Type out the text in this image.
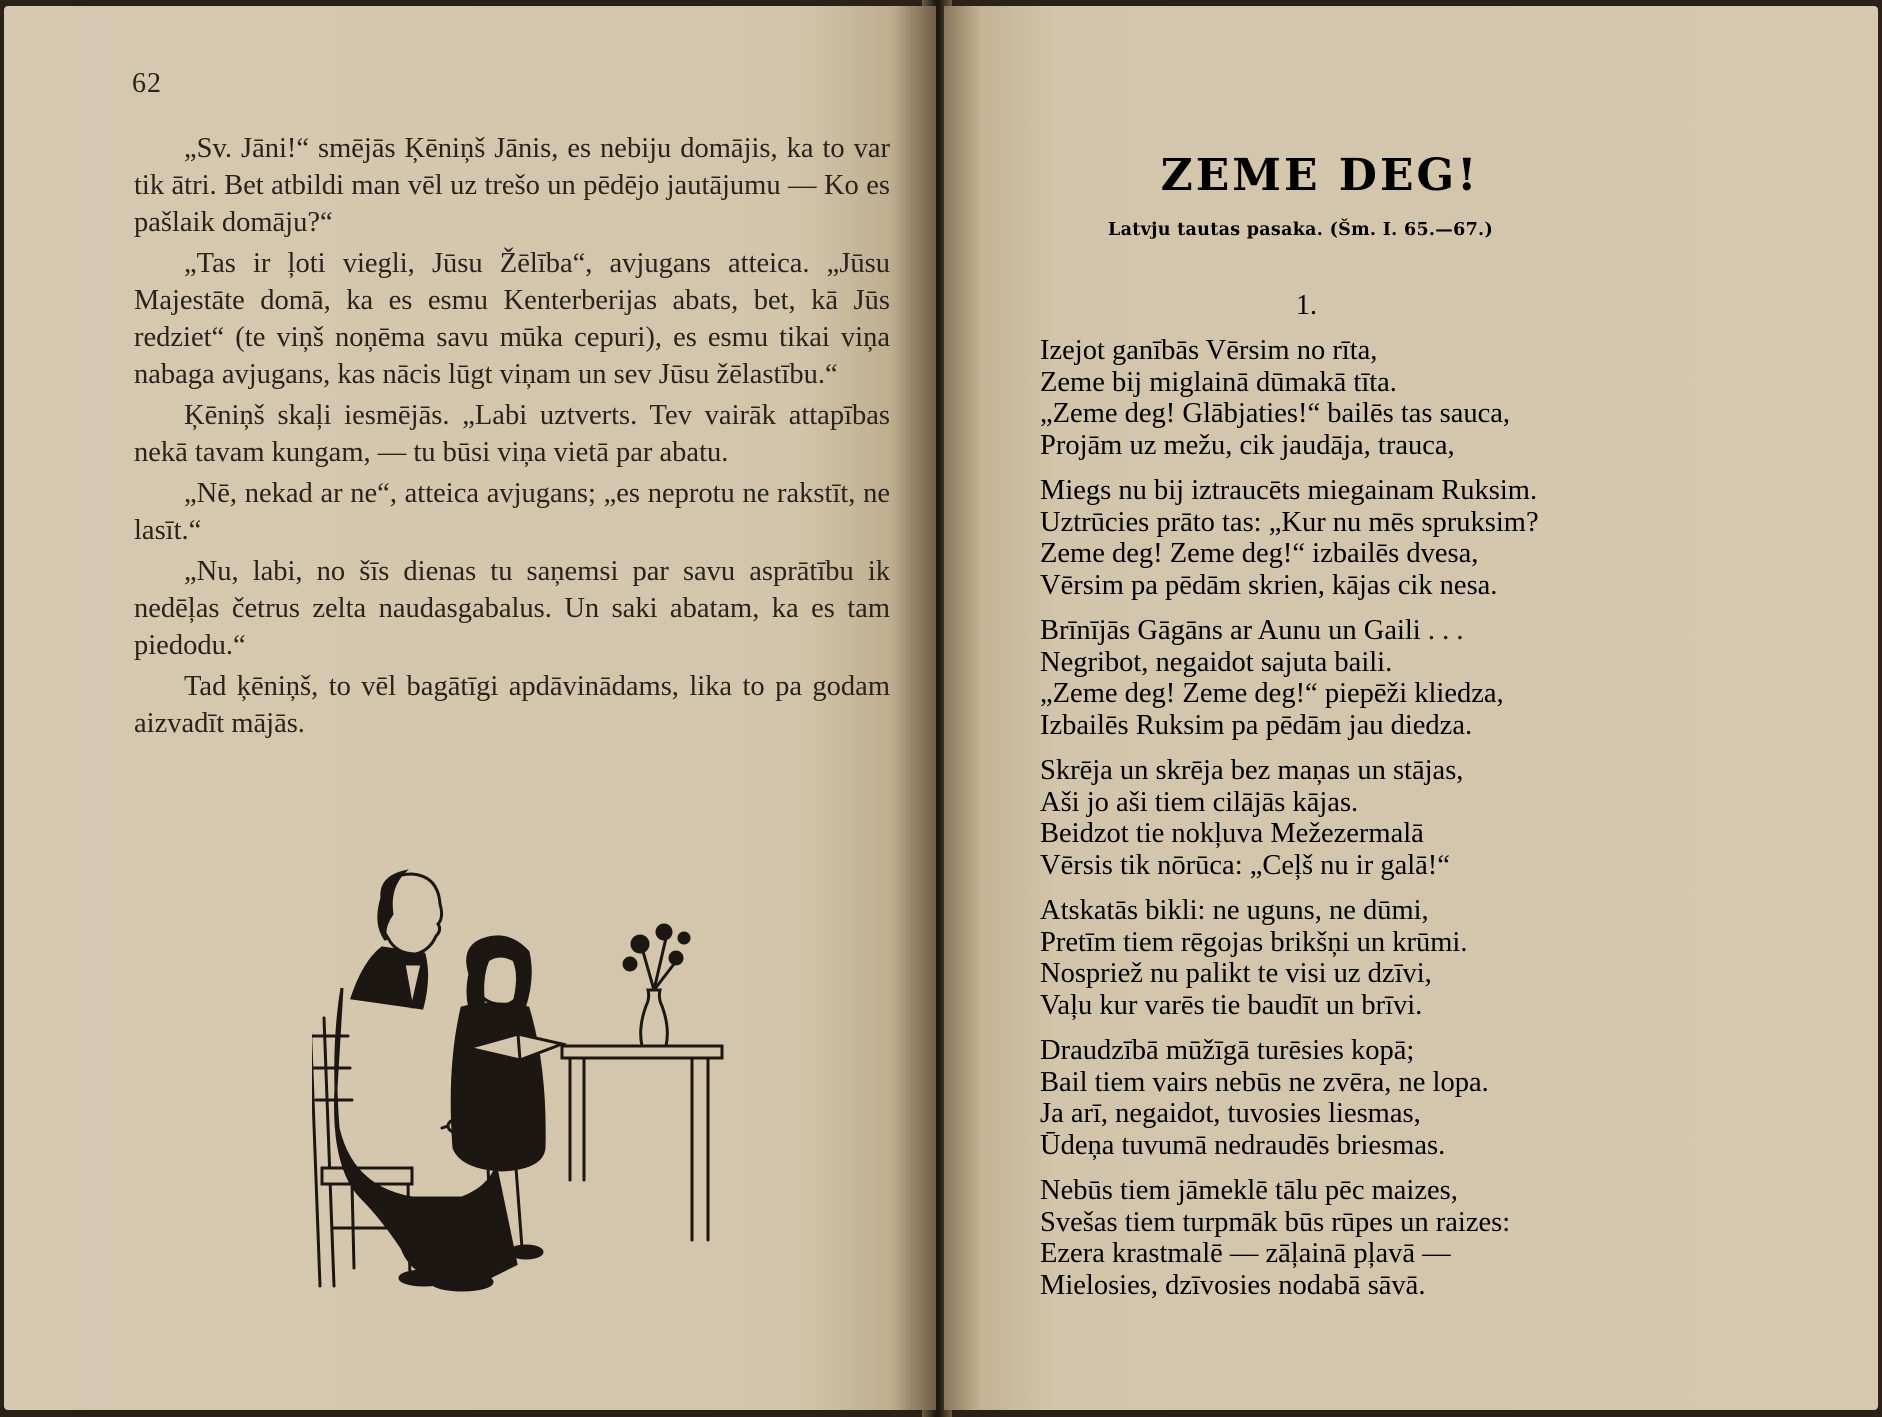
62

„Sv. Jāni!“ smējās Ķēniņš Jānis, es nebiju domājis, ka to var tik ātri. Bet atbildi man vēl uz trešo un pēdējo jautājumu — Ko es pašlaik domāju?“

„Tas ir ļoti viegli, Jūsu Žēlība“, avjugans atteica. „Jūsu Majestāte domā, ka es esmu Kenterberijas abats, bet, kā Jūs redziet“ (te viņš noņēma savu mūka cepuri), es esmu tikai viņa nabaga avjugans, kas nācis lūgt viņam un sev Jūsu žēlastību.“

Ķēniņš skaļi iesmējās. „Labi uztverts. Tev vairāk attapības nekā tavam kungam, — tu būsi viņa vietā par abatu.

„Nē, nekad ar ne“, atteica avjugans; „es neprotu ne rakstīt, ne lasīt.“

„Nu, labi, no šīs dienas tu saņemsi par savu asprātību ik nedēļas četrus zelta naudasgabalus. Un saki abatam, ka es tam piedodu.“

Tad ķēniņš, to vēl bagātīgi apdāvinādams, lika to pa godam aizvadīt mājās.

ZEME DEG!
Latvju tautas pasaka. (Šm. I. 65.—67.)
1.
Izejot ganībās Vērsim no rīta,
Zeme bij miglainā dūmakā tīta.
„Zeme deg! Glābjaties!“ bailēs tas sauca,
Projām uz mežu, cik jaudāja, trauca,
Miegs nu bij iztraucēts miegainam Ruksim.
Uztrūcies prāto tas: „Kur nu mēs spruksim?
Zeme deg! Zeme deg!“ izbailēs dvesa,
Vērsim pa pēdām skrien, kājas cik nesa.
Brīnījās Gāgāns ar Aunu un Gaili . . .
Negribot, negaidot sajuta baili.
„Zeme deg! Zeme deg!“ piepēži kliedza,
Izbailēs Ruksim pa pēdām jau diedza.
Skrēja un skrēja bez maņas un stājas,
Aši jo aši tiem cilājās kājas.
Beidzot tie nokļuva Mežezermalā
Vērsis tik nōrūca: „Ceļš nu ir galā!“
Atskatās bikli: ne uguns, ne dūmi,
Pretīm tiem rēgojas brikšņi un krūmi.
Nospriež nu palikt te visi uz dzīvi,
Vaļu kur varēs tie baudīt un brīvi.
Draudzībā mūžīgā turēsies kopā;
Bail tiem vairs nebūs ne zvēra, ne lopa.
Ja arī, negaidot, tuvosies liesmas,
Ūdeņa tuvumā nedraudēs briesmas.
Nebūs tiem jāmeklē tālu pēc maizes,
Svešas tiem turpmāk būs rūpes un raizes:
Ezera krastmalē — zāļainā pļavā —
Mielosies, dzīvosies nodabā sāvā.
